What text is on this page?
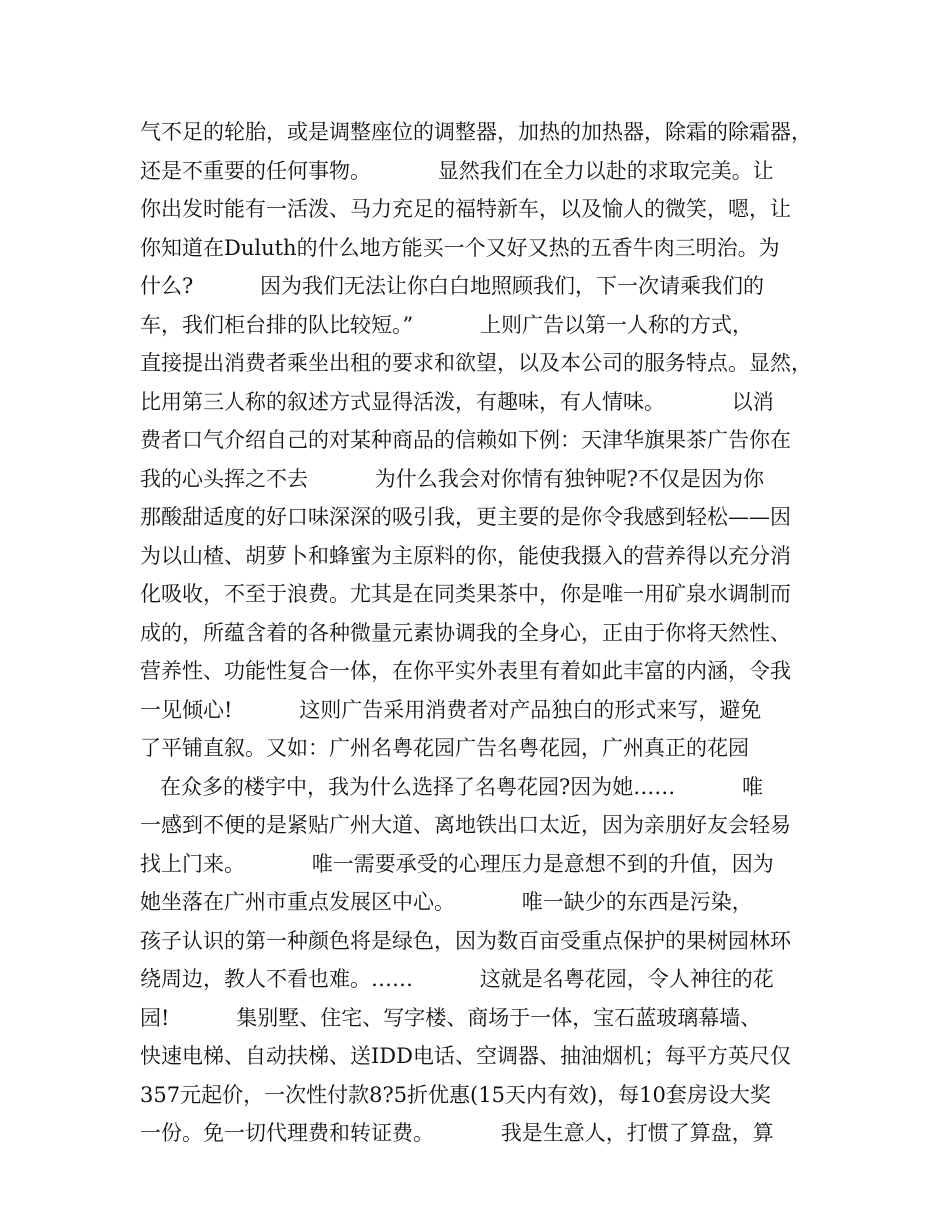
气不足的轮胎，或是调整座位的调整器，加热的加热器，除霜的除霜器，
还是不重要的任何事物。          显然我们在全力以赴的求取完美。让
你出发时能有一活泼、马力充足的福特新车，以及愉人的微笑，嗯，让
你知道在Duluth的什么地方能买一个又好又热的五香牛肉三明治。为
什么?          因为我们无法让你白白地照顾我们，下一次请乘我们的
车，我们柜台排的队比较短。”          上则广告以第一人称的方式，
直接提出消费者乘坐出租的要求和欲望，以及本公司的服务特点。显然，
比用第三人称的叙述方式显得活泼，有趣味，有人情味。          以消
费者口气介绍自己的对某种商品的信赖如下例：天津华旗果茶广告你在
我的心头挥之不去          为什么我会对你情有独钟呢?不仅是因为你
那酸甜适度的好口味深深的吸引我，更主要的是你令我感到轻松——因
为以山楂、胡萝卜和蜂蜜为主原料的你，能使我摄入的营养得以充分消
化吸收，不至于浪费。尤其是在同类果茶中，你是唯一用矿泉水调制而
成的，所蕴含着的各种微量元素协调我的全身心，正由于你将天然性、
营养性、功能性复合一体，在你平实外表里有着如此丰富的内涵，令我
一见倾心!          这则广告采用消费者对产品独白的形式来写，避免
了平铺直叙。又如：广州名粤花园广告名粤花园，广州真正的花园
在众多的楼宇中，我为什么选择了名粤花园?因为她……          唯
一感到不便的是紧贴广州大道、离地铁出口太近，因为亲朋好友会轻易
找上门来。          唯一需要承受的心理压力是意想不到的升值，因为
她坐落在广州市重点发展区中心。          唯一缺少的东西是污染，
孩子认识的第一种颜色将是绿色，因为数百亩受重点保护的果树园林环
绕周边，教人不看也难。……          这就是名粤花园，令人神往的花
园!          集别墅、住宅、写字楼、商场于一体，宝石蓝玻璃幕墙、
快速电梯、自动扶梯、送IDD电话、空调器、抽油烟机；每平方英尺仅
357元起价，一次性付款8?5折优惠(15天内有效)，每10套房设大奖
一份。免一切代理费和转证费。          我是生意人，打惯了算盘，算
